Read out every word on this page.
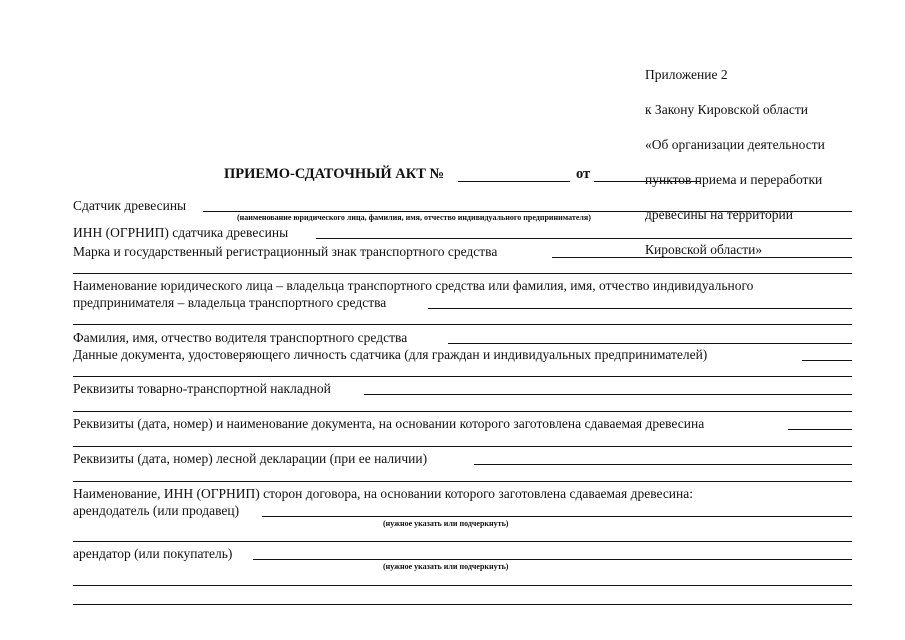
Приложение 2

к Закону Кировской области

«Об организации деятельности

пунктов приема и переработки

древесины на территории

Кировской области»

ПРИЕМО-СДАТОЧНЫЙ АКТ №	от
Сдатчик древесины
(наименование юридического лица, фамилия, имя, отчество индивидуального предпринимателя)
ИНН (ОГРНИП) сдатчика древесины
Марка и государственный регистрационный знак транспортного средства
Наименование юридического лица – владельца транспортного средства или фамилия, имя, отчество индивидуального
предпринимателя – владельца транспортного средства
Фамилия, имя, отчество водителя транспортного средства
Данные документа, удостоверяющего личность сдатчика (для граждан и индивидуальных предпринимателей)
Реквизиты товарно-транспортной накладной
Реквизиты (дата, номер) и наименование документа, на основании которого заготовлена сдаваемая древесина
Реквизиты (дата, номер) лесной декларации (при ее наличии)
Наименование, ИНН (ОГРНИП) сторон договора, на основании которого заготовлена сдаваемая древесина:
арендодатель (или продавец)
(нужное указать или подчеркнуть)
арендатор (или покупатель)
(нужное указать или подчеркнуть)
